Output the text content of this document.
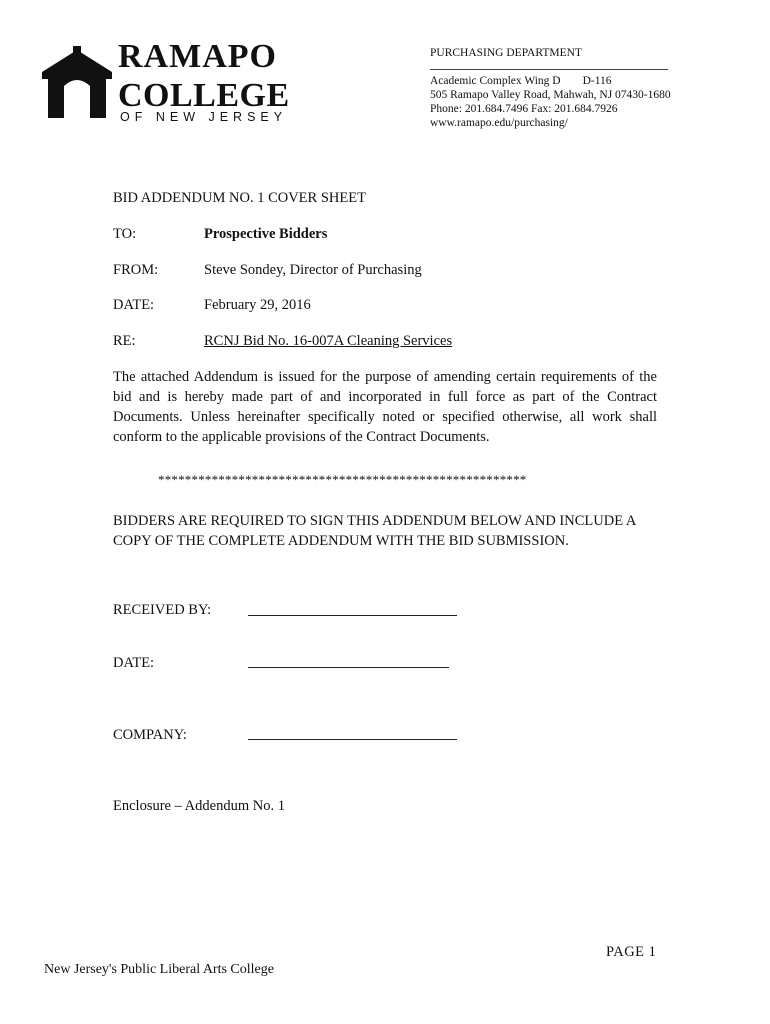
RAMAPO
COLLEGE
OF NEW JERSEY
PURCHASING DEPARTMENT
Academic Complex Wing D D-116
505 Ramapo Valley Road, Mahwah, NJ 07430-1680
Phone: 201.684.7496 Fax: 201.684.7926
www.ramapo.edu/purchasing/
BID ADDENDUM NO. 1 COVER SHEET
TO:	Prospective Bidders
FROM:	Steve Sondey, Director of Purchasing
DATE:	February 29, 2016
RE:	RCNJ Bid No. 16-007A Cleaning Services
The attached Addendum is issued for the purpose of amending certain requirements of the bid and is hereby made part of and incorporated in full force as part of the Contract Documents. Unless hereinafter specifically noted or specified otherwise, all work shall conform to the applicable provisions of the Contract Documents.
*******************************************************
BIDDERS ARE REQUIRED TO SIGN THIS ADDENDUM BELOW AND INCLUDE A COPY OF THE COMPLETE ADDENDUM WITH THE BID SUBMISSION.
RECEIVED BY:
DATE:
COMPANY:
Enclosure – Addendum No. 1
PAGE 1
New Jersey's Public Liberal Arts College
